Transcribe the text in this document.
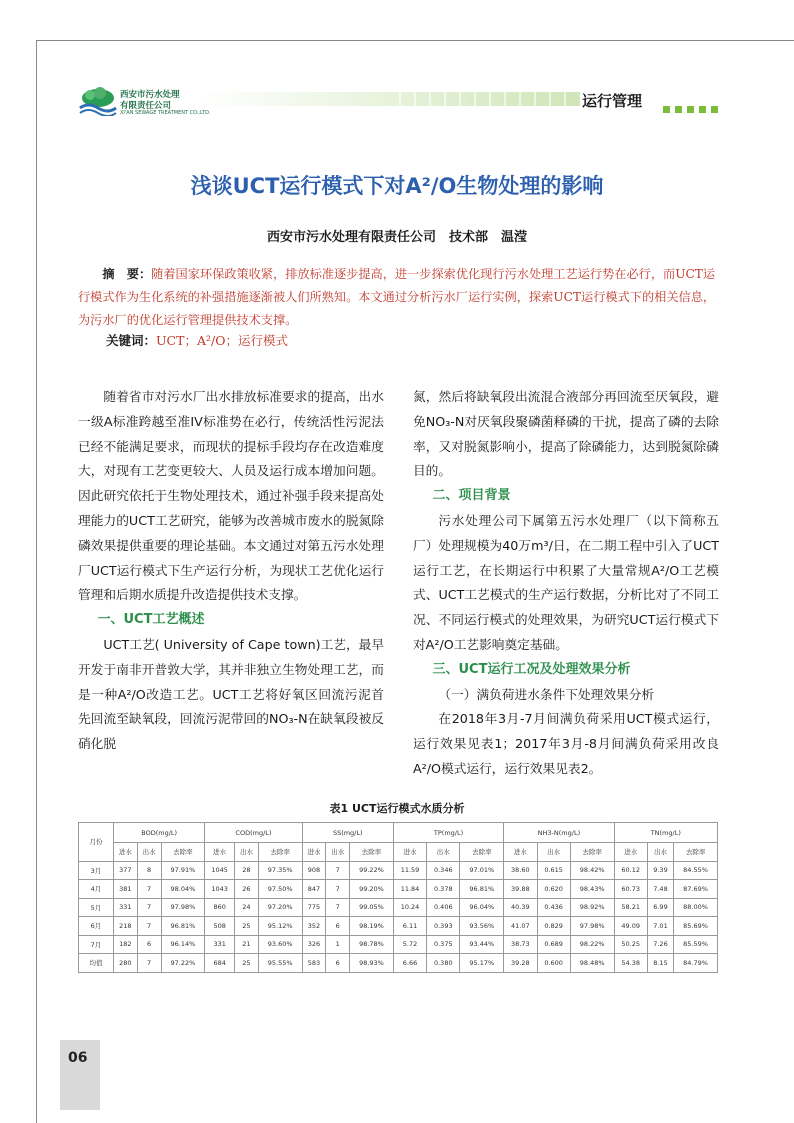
西安市污水处理
有限责任公司
XI'AN SEWAGE TREATMENT CO.,LTD.
运行管理
浅谈UCT运行模式下对A²/O生物处理的影响
西安市污水处理有限责任公司　技术部　温滢
摘　要：随着国家环保政策收紧，排放标准逐步提高，进一步探索优化现行污水处理工艺运行势在必行，而UCT运行模式作为生化系统的补强措施逐渐被人们所熟知。本文通过分析污水厂运行实例，探索UCT运行模式下的相关信息，为污水厂的优化运行管理提供技术支撑。
关键词：UCT；A²/O；运行模式

随着省市对污水厂出水排放标准要求的提高，出水一级A标准跨越至准IV标准势在必行，传统活性污泥法已经不能满足要求，而现状的提标手段均存在改造难度大，对现有工艺变更较大、人员及运行成本增加问题。因此研究依托于生物处理技术，通过补强手段来提高处理能力的UCT工艺研究，能够为改善城市废水的脱氮除磷效果提供重要的理论基础。本文通过对第五污水处理厂UCT运行模式下生产运行分析，为现状工艺优化运行管理和后期水质提升改造提供技术支撑。

一、UCT工艺概述

UCT工艺( University of Cape town)工艺，最早开发于南非开普敦大学，其并非独立生物处理工艺，而是一种A²/O改造工艺。UCT工艺将好氧区回流污泥首先回流至缺氧段，回流污泥带回的NO₃-N在缺氧段被反硝化脱

氮，然后将缺氧段出流混合液部分再回流至厌氧段，避免NO₃-N对厌氧段聚磷菌释磷的干扰，提高了磷的去除率，又对脱氮影响小，提高了除磷能力，达到脱氮除磷目的。

二、项目背景

污水处理公司下属第五污水处理厂（以下简称五厂）处理规模为40万m³/日，在二期工程中引入了UCT运行工艺，在长期运行中积累了大量常规A²/O工艺模式、UCT工艺模式的生产运行数据，分析比对了不同工况、不同运行模式的处理效果，为研究UCT运行模式下对A²/O工艺影响奠定基础。

三、UCT运行工况及处理效果分析
（一）满负荷进水条件下处理效果分析

在2018年3月-7月间满负荷采用UCT模式运行，运行效果见表1；2017年3月-8月间满负荷采用改良A²/O模式运行，运行效果见表2。

表1 UCT运行模式水质分析
月份	BOD(mg/L)			COD(mg/L)			SS(mg/L)			TP(mg/L)			NH3-N(mg/L)			TN(mg/L)		
	进水	出水	去除率	进水	出水	去除率	进水	出水	去除率	进水	出水	去除率	进水	出水	去除率	进水	出水	去除率
3月	377	8	97.91%	1045	28	97.35%	908	7	99.22%	11.59	0.346	97.01%	38.60	0.615	98.42%	60.12	9.39	84.55%
4月	381	7	98.04%	1043	26	97.50%	847	7	99.20%	11.84	0.378	96.81%	39.88	0.620	98.43%	60.73	7.48	87.69%
5月	331	7	97.98%	860	24	97.20%	775	7	99.05%	10.24	0.406	96.04%	40.39	0.436	98.92%	58.21	6.99	88.00%
6月	218	7	96.81%	508	25	95.12%	352	6	98.19%	6.11	0.393	93.56%	41.07	0.829	97.98%	49.09	7.01	85.69%
7月	182	6	96.14%	331	21	93.60%	326	1	98.78%	5.72	0.375	93.44%	38.73	0.689	98.22%	50.25	7.26	85.59%
均值	280	7	97.22%	684	25	95.55%	583	6	98.93%	6.66	0.380	95.17%	39.28	0.600	98.48%	54.38	8.15	84.79%
06
